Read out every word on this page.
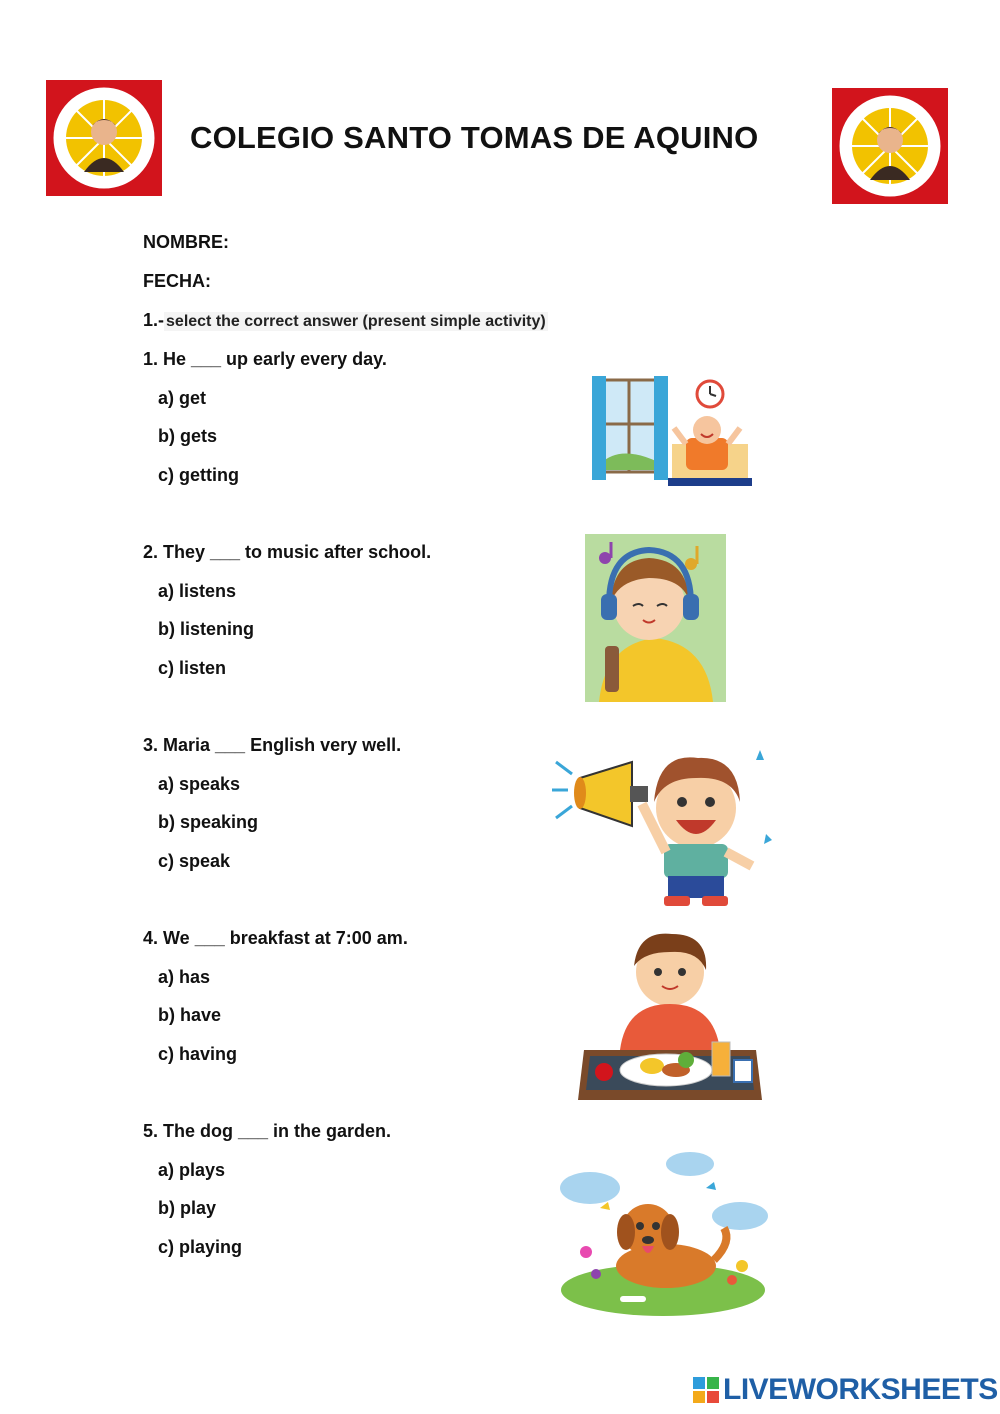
COLEGIO SANTO TOMAS DE AQUINO
NOMBRE:
FECHA:
1.- select the correct answer (present simple activity)
1. He ___ up early every day.
a) get
b) gets
c) getting
2. They ___ to music after school.
a) listens
b) listening
c) listen
3. Maria ___ English very well.
a) speaks
b) speaking
c) speak
4. We ___ breakfast at 7:00 am.
a) has
b) have
c) having
5. The dog ___ in the garden.
a) plays
b) play
c) playing
LIVE WORKSHEETS
